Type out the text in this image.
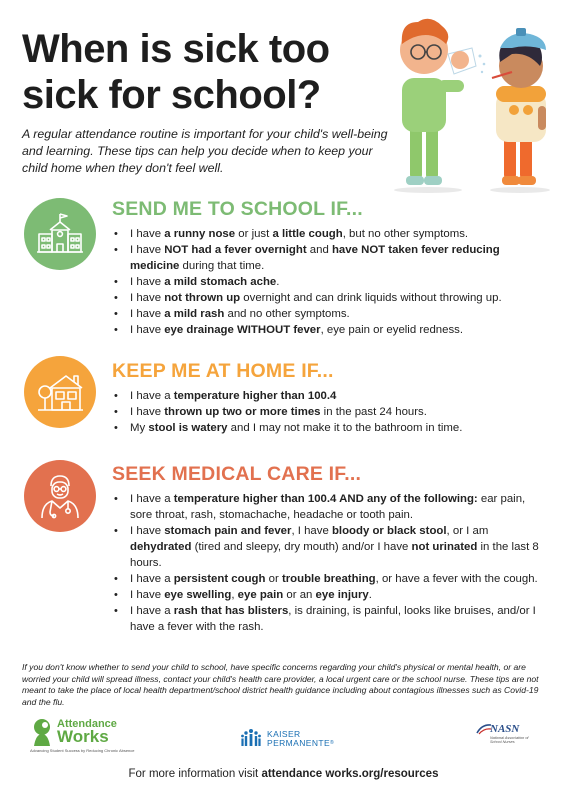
When is sick too sick for school?
A regular attendance routine is important for your child's well-being and learning. These tips can help you decide when to keep your child home when they don't feel well.
SEND ME TO SCHOOL IF...
• I have a runny nose or just a little cough, but no other symptoms.
• I have NOT had a fever overnight and have NOT taken fever reducing medicine during that time.
• I have a mild stomach ache.
• I have not thrown up overnight and can drink liquids without throwing up.
• I have a mild rash and no other symptoms.
• I have eye drainage WITHOUT fever, eye pain or eyelid redness.
KEEP ME AT HOME IF...
• I have a temperature higher than 100.4
• I have thrown up two or more times in the past 24 hours.
• My stool is watery and I may not make it to the bathroom in time.
SEEK MEDICAL CARE IF...
• I have a temperature higher than 100.4 AND any of the following: ear pain, sore throat, rash, stomachache, headache or tooth pain.
• I have stomach pain and fever, I have bloody or black stool, or I am dehydrated (tired and sleepy, dry mouth) and/or I have not urinated in the last 8 hours.
• I have a persistent cough or trouble breathing, or have a fever with the cough.
• I have eye swelling, eye pain or an eye injury.
• I have a rash that has blisters, is draining, is painful, looks like bruises, and/or I have a fever with the rash.
If you don't know whether to send your child to school, have specific concerns regarding your child's physical or mental health, or are worried your child will spread illness, contact your child's health care provider, a local urgent care or the school nurse. These tips are not meant to take the place of local health department/school district health guidance including about contagious illnesses such as Covid-19 and the flu.
Attendance
Works
Advancing Student Success by Reducing Chronic Absence
KAISER
PERMANENTE®
NASN
National Association of School Nurses
For more information visit attendance works.org/resources
